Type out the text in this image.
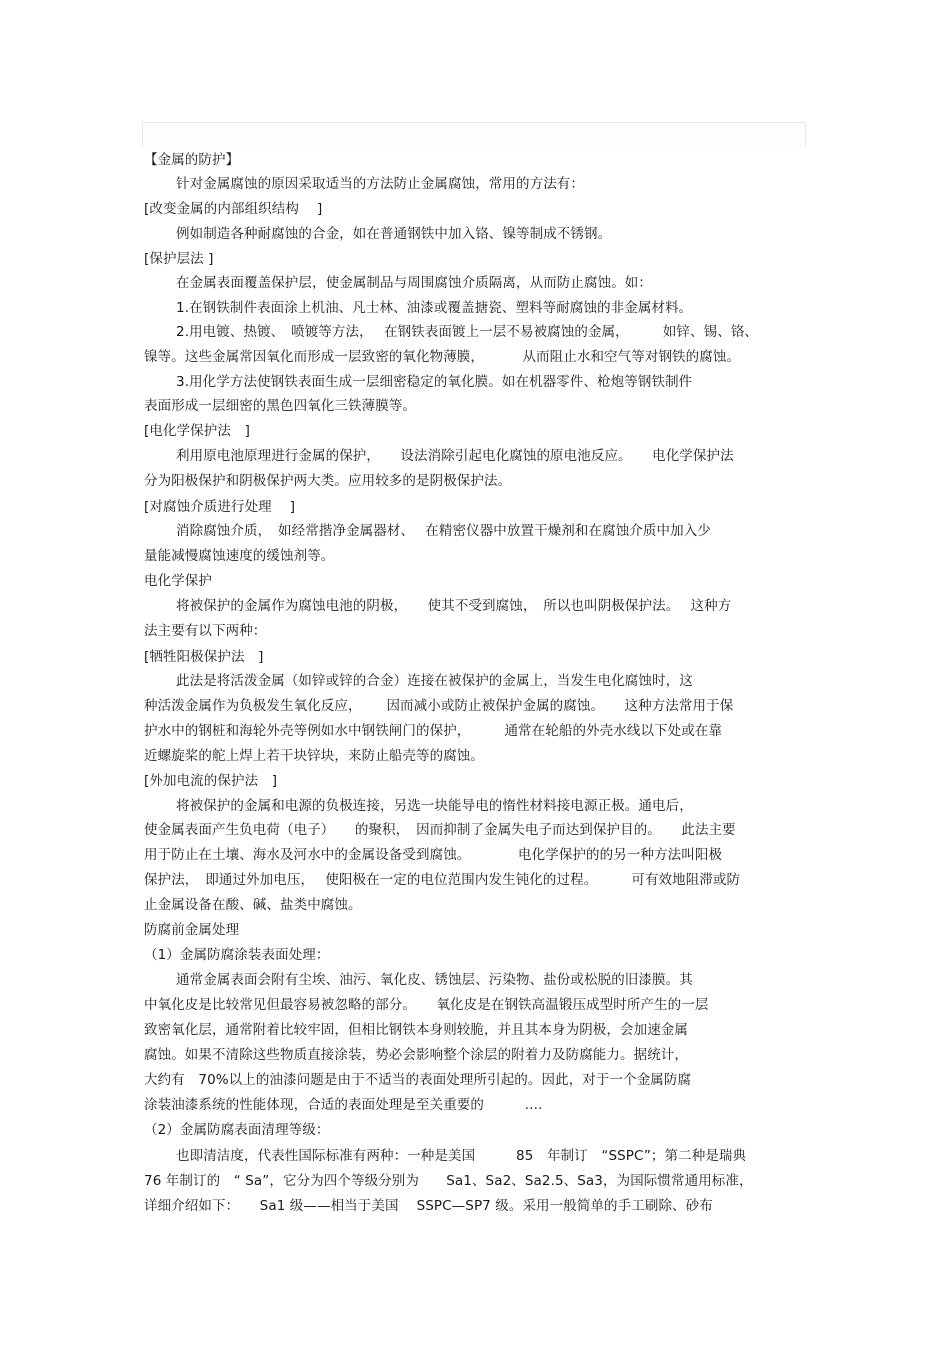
【金属的防护】
针对金属腐蚀的原因采取适当的方法防止金属腐蚀，常用的方法有：
[改变金属的内部组织结构　 ]
例如制造各种耐腐蚀的合金，如在普通钢铁中加入铬、镍等制成不锈钢。
[保护层法 ]
在金属表面覆盖保护层，使金属制品与周围腐蚀介质隔离，从而防止腐蚀。如：
1.在钢铁制件表面涂上机油、凡士林、油漆或覆盖搪瓷、塑料等耐腐蚀的非金属材料。
2.用电镀、热镀、　喷镀等方法，　 在钢铁表面镀上一层不易被腐蚀的金属，　　　如锌、锡、铬、
镍等。这些金属常因氧化而形成一层致密的氧化物薄膜，　　　 从而阻止水和空气等对钢铁的腐蚀。
3.用化学方法使钢铁表面生成一层细密稳定的氧化膜。如在机器零件、枪炮等钢铁制件
表面形成一层细密的黑色四氧化三铁薄膜等。
[电化学保护法　]
利用原电池原理进行金属的保护，　　设法消除引起电化腐蚀的原电池反应。　　电化学保护法
分为阳极保护和阴极保护两大类。应用较多的是阴极保护法。
[对腐蚀介质进行处理　 ]
消除腐蚀介质，　如经常揩净金属器材、　 在精密仪器中放置干燥剂和在腐蚀介质中加入少
量能减慢腐蚀速度的缓蚀剂等。
电化学保护
将被保护的金属作为腐蚀电池的阴极，　　使其不受到腐蚀，　所以也叫阴极保护法。　 这种方
法主要有以下两种：
[牺牲阳极保护法　]
此法是将活泼金属（如锌或锌的合金）连接在被保护的金属上，当发生电化腐蚀时，这
种活泼金属作为负极发生氧化反应，　　 因而减小或防止被保护金属的腐蚀。　　这种方法常用于保
护水中的钢桩和海轮外壳等例如水中钢铁闸门的保护，　　　通常在轮船的外壳水线以下处或在靠
近螺旋桨的舵上焊上若干块锌块，来防止船壳等的腐蚀。
[外加电流的保护法　]
将被保护的金属和电源的负极连接，另选一块能导电的惰性材料接电源正极。通电后，
使金属表面产生负电荷（电子）　　的聚积，　因而抑制了金属失电子而达到保护目的。　　此法主要
用于防止在土壤、海水及河水中的金属设备受到腐蚀。　　　　电化学保护的的另一种方法叫阳极
保护法，　即通过外加电压，　 使阳极在一定的电位范围内发生钝化的过程。　　　可有效地阻滞或防
止金属设备在酸、碱、盐类中腐蚀。
防腐前金属处理
（1）金属防腐涂装表面处理：
通常金属表面会附有尘埃、油污、氧化皮、锈蚀层、污染物、盐份或松脱的旧漆膜。其
中氧化皮是比较常见但最容易被忽略的部分。　　氧化皮是在钢铁高温锻压成型时所产生的一层
致密氧化层，通常附着比较牢固，但相比钢铁本身则较脆，并且其本身为阴极，会加速金属
腐蚀。如果不清除这些物质直接涂装，势必会影响整个涂层的附着力及防腐能力。据统计，
大约有　70%以上的油漆问题是由于不适当的表面处理所引起的。因此，对于一个金属防腐
涂装油漆系统的性能体现，合适的表面处理是至关重要的　　　....
（2）金属防腐表面清理等级：
也即清洁度，代表性国际标准有两种：一种是美国　　　85　年制订　“SSPC”；第二种是瑞典
76 年制订的　“ Sa”，它分为四个等级分别为　　Sa1、Sa2、Sa2.5、Sa3，为国际惯常通用标准，
详细介绍如下：　　Sa1 级——相当于美国　 SSPC—SP7 级。采用一般简单的手工刷除、砂布
